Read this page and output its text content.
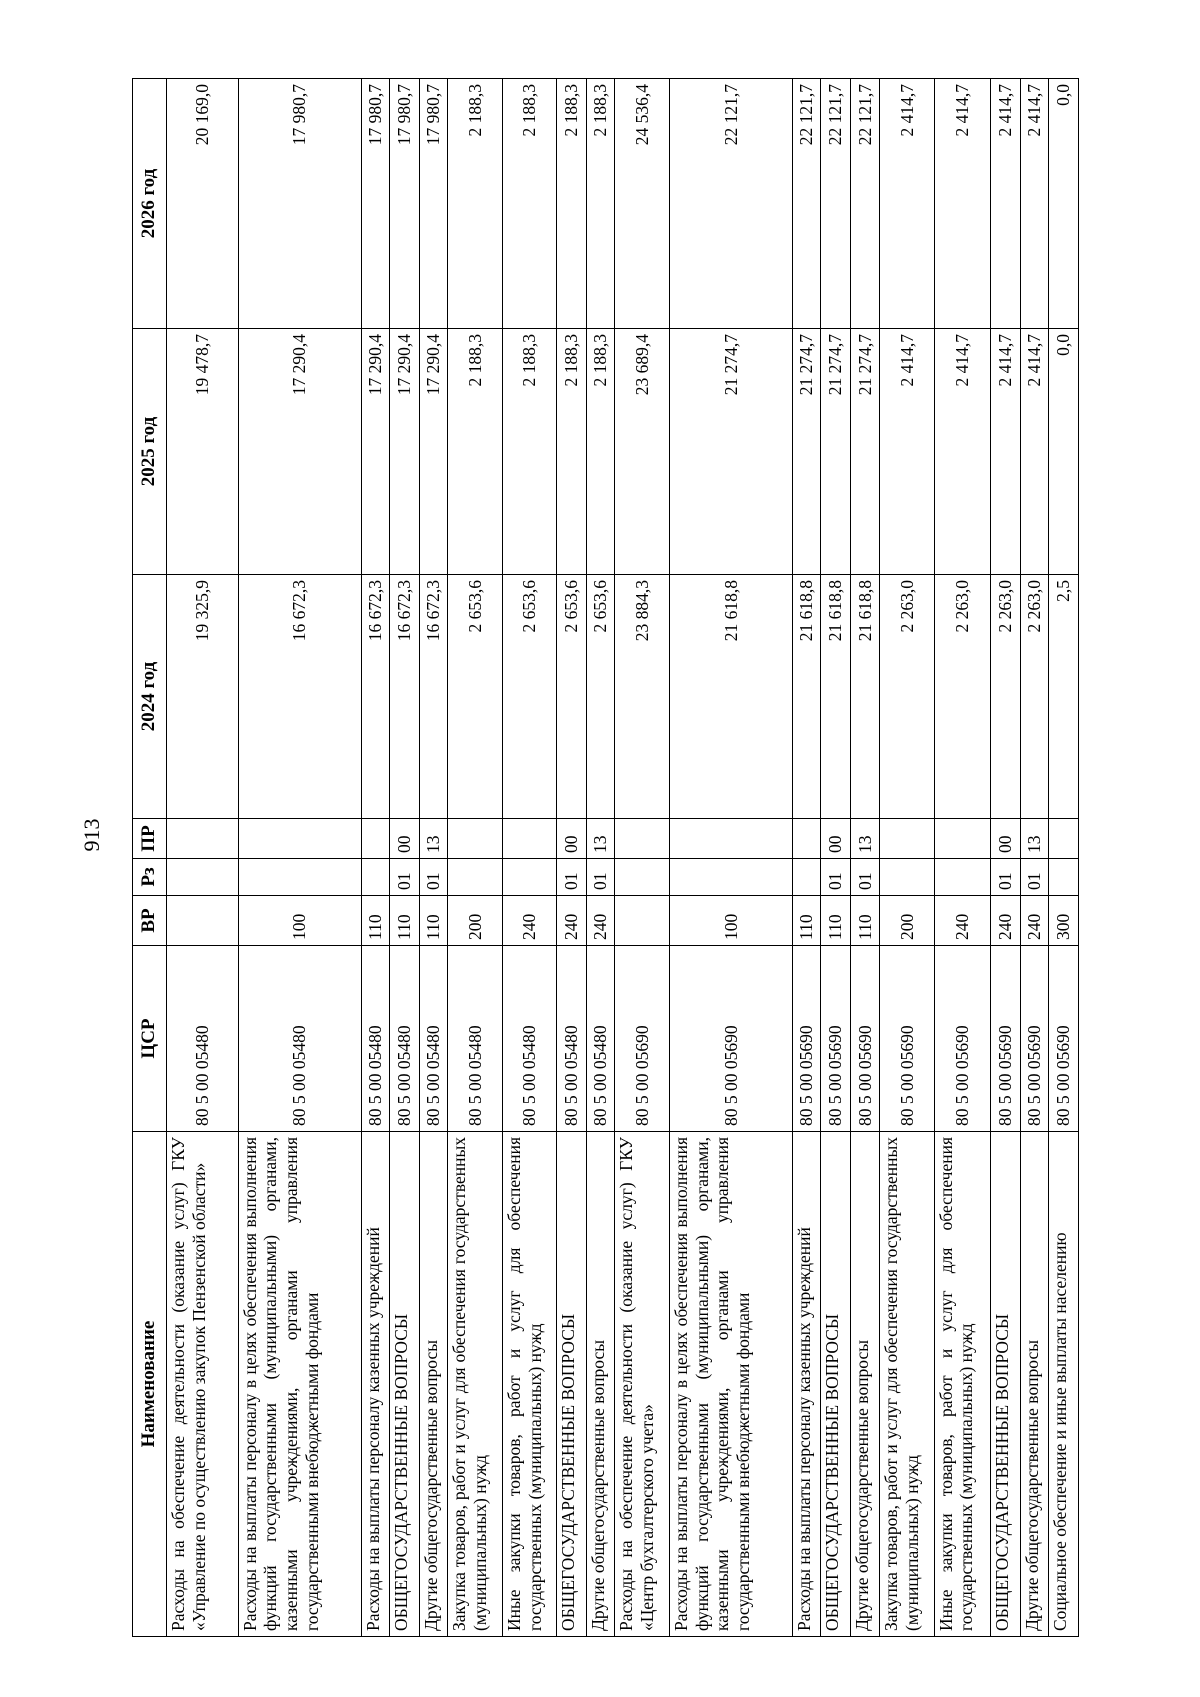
913
Наименование	ЦСР	ВР	Рз	ПР	2024 год	2025 год	2026 год
Расходы на обеспечение деятельности (оказание услуг) ГКУ «Управление по осуществлению закупок Пензенской области»	80 5 00 05480				19 325,9	19 478,7	20 169,0
Расходы на выплаты персоналу в целях обеспечения выполнения функций государственными (муниципальными) органами, казенными учреждениями, органами управления государственными внебюджетными фондами	80 5 00 05480	100			16 672,3	17 290,4	17 980,7
Расходы на выплаты персоналу казенных учреждений	80 5 00 05480	110			16 672,3	17 290,4	17 980,7
ОБЩЕГОСУДАРСТВЕННЫЕ ВОПРОСЫ	80 5 00 05480	110	01	00	16 672,3	17 290,4	17 980,7
Другие общегосударственные вопросы	80 5 00 05480	110	01	13	16 672,3	17 290,4	17 980,7
Закупка товаров, работ и услуг для обеспечения государственных (муниципальных) нужд	80 5 00 05480	200			2 653,6	2 188,3	2 188,3
Иные закупки товаров, работ и услуг для обеспечения государственных (муниципальных) нужд	80 5 00 05480	240			2 653,6	2 188,3	2 188,3
ОБЩЕГОСУДАРСТВЕННЫЕ ВОПРОСЫ	80 5 00 05480	240	01	00	2 653,6	2 188,3	2 188,3
Другие общегосударственные вопросы	80 5 00 05480	240	01	13	2 653,6	2 188,3	2 188,3
Расходы на обеспечение деятельности (оказание услуг) ГКУ «Центр бухгалтерского учета»	80 5 00 05690				23 884,3	23 689,4	24 536,4
Расходы на выплаты персоналу в целях обеспечения выполнения функций государственными (муниципальными) органами, казенными учреждениями, органами управления государственными внебюджетными фондами	80 5 00 05690	100			21 618,8	21 274,7	22 121,7
Расходы на выплаты персоналу казенных учреждений	80 5 00 05690	110			21 618,8	21 274,7	22 121,7
ОБЩЕГОСУДАРСТВЕННЫЕ ВОПРОСЫ	80 5 00 05690	110	01	00	21 618,8	21 274,7	22 121,7
Другие общегосударственные вопросы	80 5 00 05690	110	01	13	21 618,8	21 274,7	22 121,7
Закупка товаров, работ и услуг для обеспечения государственных (муниципальных) нужд	80 5 00 05690	200			2 263,0	2 414,7	2 414,7
Иные закупки товаров, работ и услуг для обеспечения государственных (муниципальных) нужд	80 5 00 05690	240			2 263,0	2 414,7	2 414,7
ОБЩЕГОСУДАРСТВЕННЫЕ ВОПРОСЫ	80 5 00 05690	240	01	00	2 263,0	2 414,7	2 414,7
Другие общегосударственные вопросы	80 5 00 05690	240	01	13	2 263,0	2 414,7	2 414,7
Социальное обеспечение и иные выплаты населению	80 5 00 05690	300			2,5	0,0	0,0
